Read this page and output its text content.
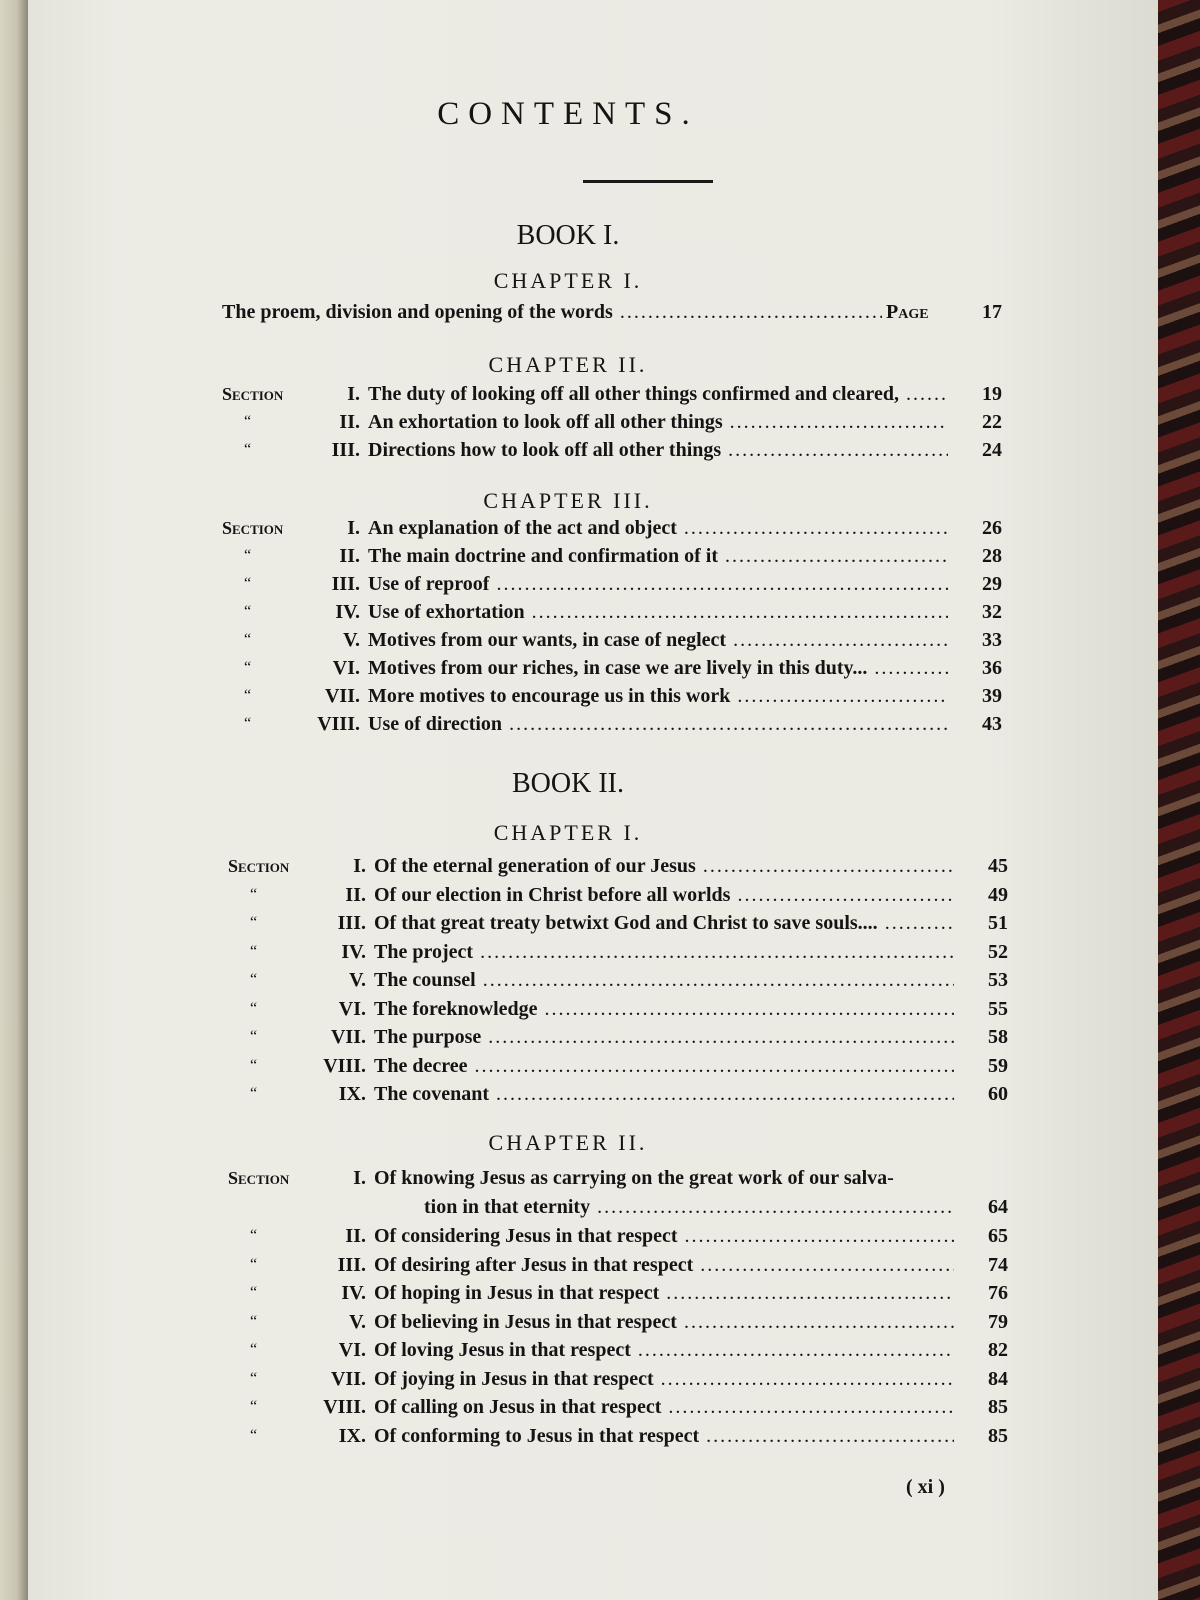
CONTENTS.
BOOK I.
CHAPTER I.
The proem, division and opening of the words .....	Page	17
CHAPTER II.
Section	I. The duty of looking off all other things confirmed and cleared, .....	19
“	II. An exhortation to look off all other things .....	22
“	III. Directions how to look off all other things .....	24
CHAPTER III.
Section	I. An explanation of the act and object .....	26
“	II. The main doctrine and confirmation of it .....	28
“	III. Use of reproof .....	29
“	IV. Use of exhortation .....	32
“	V. Motives from our wants, in case of neglect .....	33
“	VI. Motives from our riches, in case we are lively in this duty... .....	36
“	VII. More motives to encourage us in this work .....	39
“	VIII. Use of direction .....	43
BOOK II.
CHAPTER I.
Section	I. Of the eternal generation of our Jesus .....	45
“	II. Of our election in Christ before all worlds .....	49
“	III. Of that great treaty betwixt God and Christ to save souls.... .....	51
“	IV. The project .....	52
“	V. The counsel .....	53
“	VI. The foreknowledge .....	55
“	VII. The purpose .....	58
“	VIII. The decree .....	59
“	IX. The covenant .....	60
CHAPTER II.
Section	I. Of knowing Jesus as carrying on the great work of our salva-
tion in that eternity .....	64
“	II. Of considering Jesus in that respect .....	65
“	III. Of desiring after Jesus in that respect .....	74
“	IV. Of hoping in Jesus in that respect .....	76
“	V. Of believing in Jesus in that respect .....	79
“	VI. Of loving Jesus in that respect .....	82
“	VII. Of joying in Jesus in that respect .....	84
“	VIII. Of calling on Jesus in that respect .....	85
“	IX. Of conforming to Jesus in that respect .....	85
( xi )
